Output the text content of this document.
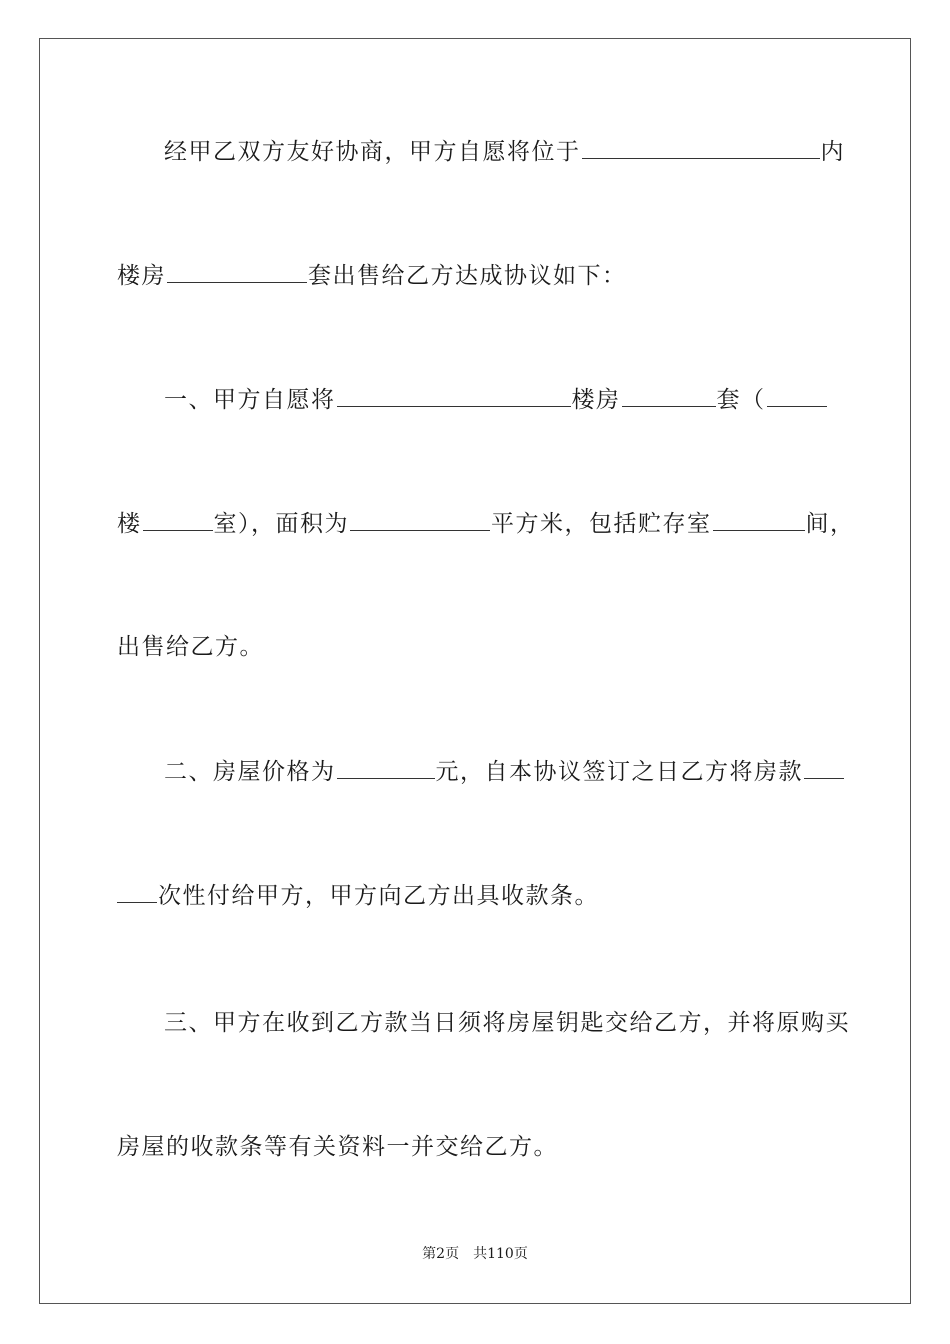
经甲乙双方友好协商，甲方自愿将位于	内
楼房	套出售给乙方达成协议如下：
一、甲方自愿将	楼房	套（
楼	室），面积为	平方米，包括贮存室	间，
出售给乙方。
二、房屋价格为	元，自本协议签订之日乙方将房款
次性付给甲方，甲方向乙方出具收款条。
三、甲方在收到乙方款当日须将房屋钥匙交给乙方，并将原购买
房屋的收款条等有关资料一并交给乙方。
第2页 共110页
